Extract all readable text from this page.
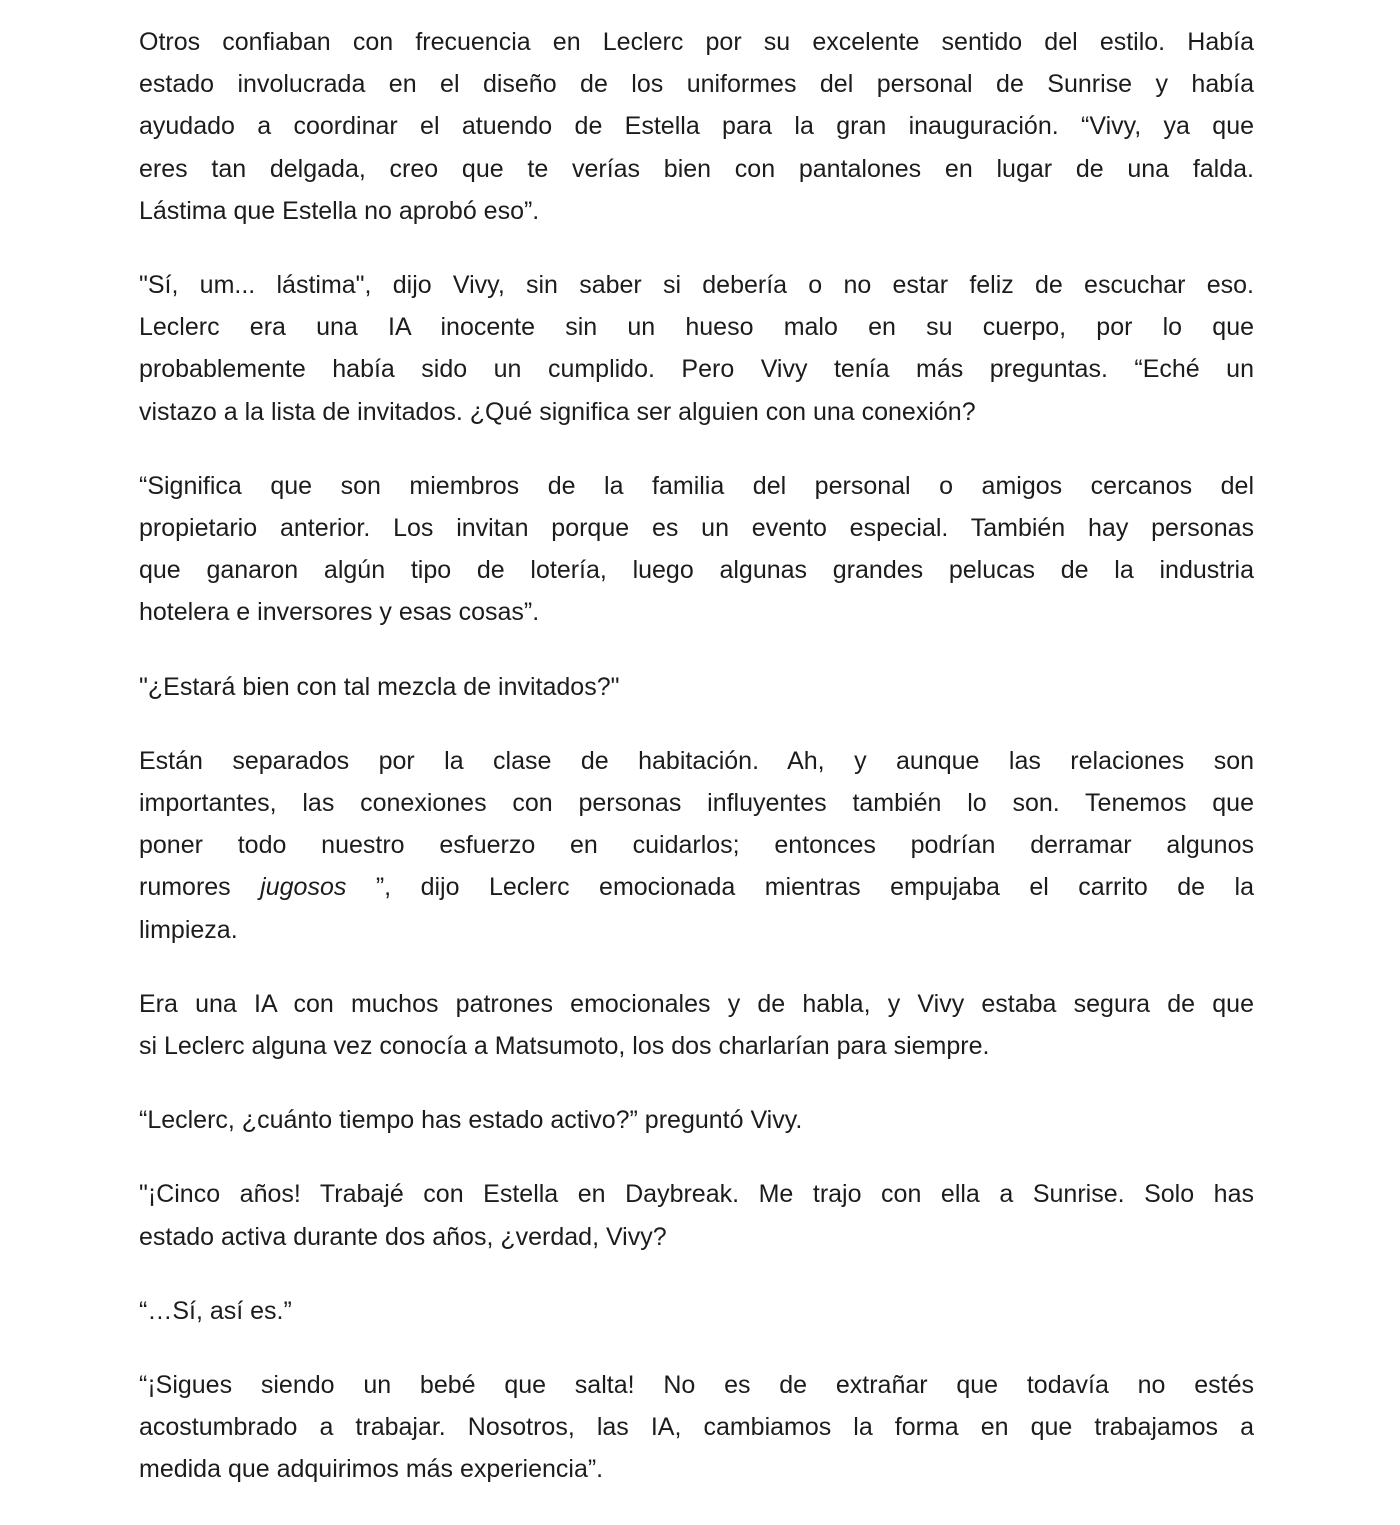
Otros confiaban con frecuencia en Leclerc por su excelente sentido del estilo. Había
estado involucrada en el diseño de los uniformes del personal de Sunrise y había
ayudado a coordinar el atuendo de Estella para la gran inauguración. “Vivy, ya que
eres tan delgada, creo que te verías bien con pantalones en lugar de una falda.
Lástima que Estella no aprobó eso”.
"Sí, um... lástima", dijo Vivy, sin saber si debería o no estar feliz de escuchar eso.
Leclerc era una IA inocente sin un hueso malo en su cuerpo, por lo que
probablemente había sido un cumplido. Pero Vivy tenía más preguntas. “Eché un
vistazo a la lista de invitados. ¿Qué significa ser alguien con una conexión?
“Significa que son miembros de la familia del personal o amigos cercanos del
propietario anterior. Los invitan porque es un evento especial. También hay personas
que ganaron algún tipo de lotería, luego algunas grandes pelucas de la industria
hotelera e inversores y esas cosas”.
"¿Estará bien con tal mezcla de invitados?"
Están separados por la clase de habitación. Ah, y aunque las relaciones son
importantes, las conexiones con personas influyentes también lo son. Tenemos que
poner todo nuestro esfuerzo en cuidarlos; entonces podrían derramar algunos
rumores jugosos ”, dijo Leclerc emocionada mientras empujaba el carrito de la
limpieza.
Era una IA con muchos patrones emocionales y de habla, y Vivy estaba segura de que
si Leclerc alguna vez conocía a Matsumoto, los dos charlarían para siempre.
“Leclerc, ¿cuánto tiempo has estado activo?” preguntó Vivy.
"¡Cinco años! Trabajé con Estella en Daybreak. Me trajo con ella a Sunrise. Solo has
estado activa durante dos años, ¿verdad, Vivy?
“…Sí, así es.”
“¡Sigues siendo un bebé que salta! No es de extrañar que todavía no estés
acostumbrado a trabajar. Nosotros, las IA, cambiamos la forma en que trabajamos a
medida que adquirimos más experiencia”.
